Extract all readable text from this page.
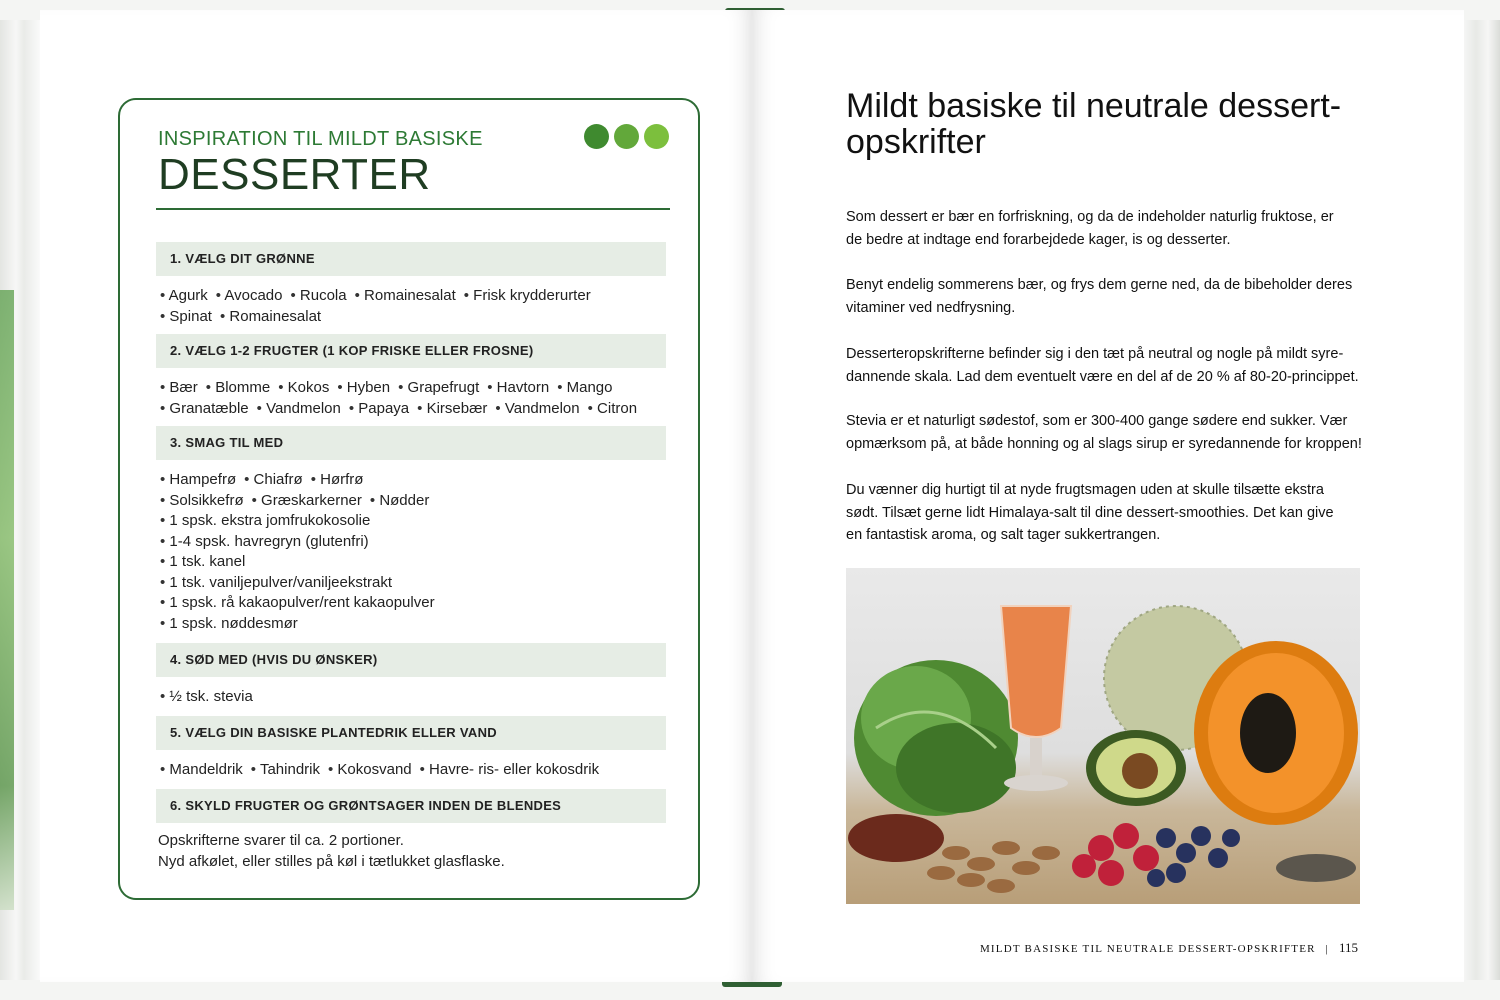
INSPIRATION TIL MILDT BASISKE
DESSERTER
1. VÆLG DIT GRØNNE
• Agurk • Avocado • Rucola • Romainesalat • Frisk krydderurter
• Spinat • Romainesalat
2. VÆLG 1-2 FRUGTER (1 KOP FRISKE ELLER FROSNE)
• Bær • Blomme • Kokos • Hyben • Grapefrugt • Havtorn • Mango
• Granatæble • Vandmelon • Papaya • Kirsebær • Vandmelon • Citron
3. SMAG TIL MED
• Hampefrø • Chiafrø • Hørfrø
• Solsikkefrø • Græskarkerner • Nødder
• 1 spsk. ekstra jomfrukokosolie
• 1-4 spsk. havregryn (glutenfri)
• 1 tsk. kanel
• 1 tsk. vaniljepulver/vaniljeekstrakt
• 1 spsk. rå kakaopulver/rent kakaopulver
• 1 spsk. nøddesmør
4. SØD MED (HVIS DU ØNSKER)
• ½ tsk. stevia
5. VÆLG DIN BASISKE PLANTEDRIK ELLER VAND
• Mandeldrik • Tahindrik • Kokosvand • Havre- ris- eller kokosdrik
6. SKYLD FRUGTER OG GRØNTSAGER INDEN DE BLENDES
Opskrifterne svarer til ca. 2 portioner.
Nyd afkølet, eller stilles på køl i tætlukket glasflaske.
Mildt basiske til neutrale dessert-
opskrifter
Som dessert er bær en forfriskning, og da de indeholder naturlig fruktose, er
de bedre at indtage end forarbejdede kager, is og desserter.
Benyt endelig sommerens bær, og frys dem gerne ned, da de bibeholder deres
vitaminer ved nedfrysning.
Desserteropskrifterne befinder sig i den tæt på neutral og nogle på mildt syre-
dannende skala. Lad dem eventuelt være en del af de 20 % af 80-20-princippet.
Stevia er et naturligt sødestof, som er 300-400 gange sødere end sukker. Vær
opmærksom på, at både honning og al slags sirup er syredannende for kroppen!
Du vænner dig hurtigt til at nyde frugtsmagen uden at skulle tilsætte ekstra
sødt. Tilsæt gerne lidt Himalaya-salt til dine dessert-smoothies. Det kan give
en fantastisk aroma, og salt tager sukkertrangen.
MILDT BASISKE TIL NEUTRALE DESSERT-OPSKRIFTER | 115
